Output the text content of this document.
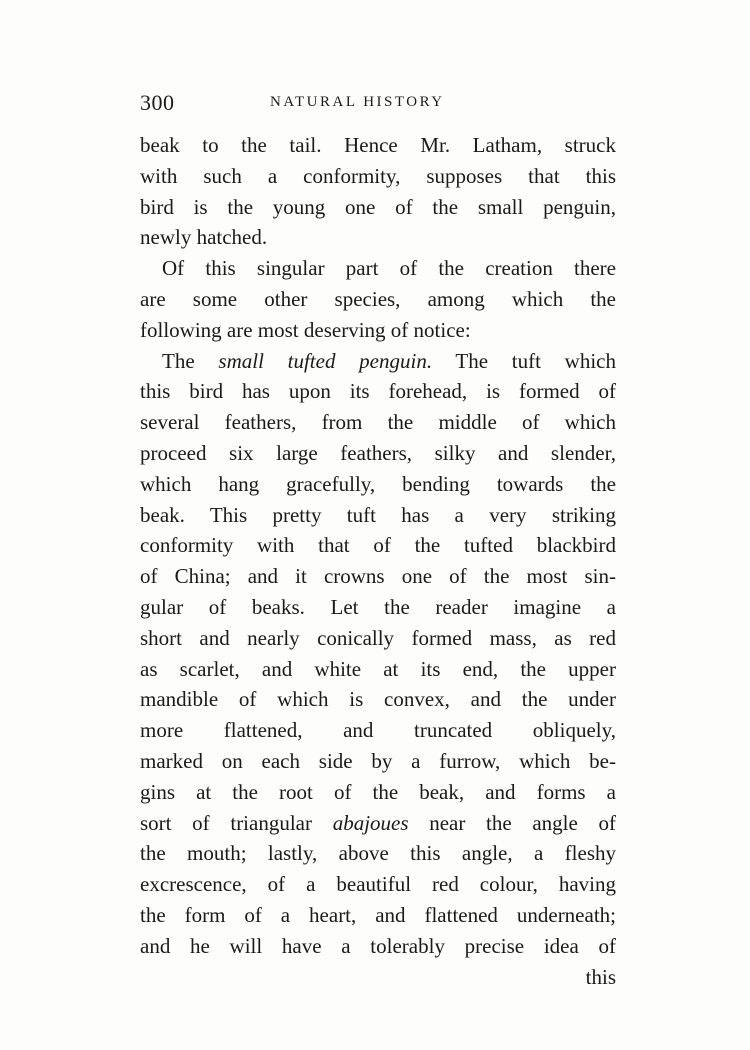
300	NATURAL HISTORY
beak to the tail. Hence Mr. Latham, struck
with such a conformity, supposes that this
bird is the young one of the small penguin,
newly hatched.
Of this singular part of the creation there
are some other species, among which the
following are most deserving of notice:
The small tufted penguin. The tuft which
this bird has upon its forehead, is formed of
several feathers, from the middle of which
proceed six large feathers, silky and slender,
which hang gracefully, bending towards the
beak. This pretty tuft has a very striking
conformity with that of the tufted blackbird
of China; and it crowns one of the most sin-
gular of beaks. Let the reader imagine a
short and nearly conically formed mass, as red
as scarlet, and white at its end, the upper
mandible of which is convex, and the under
more flattened, and truncated obliquely,
marked on each side by a furrow, which be-
gins at the root of the beak, and forms a
sort of triangular abajoues near the angle of
the mouth; lastly, above this angle, a fleshy
excrescence, of a beautiful red colour, having
the form of a heart, and flattened underneath;
and he will have a tolerably precise idea of
this
